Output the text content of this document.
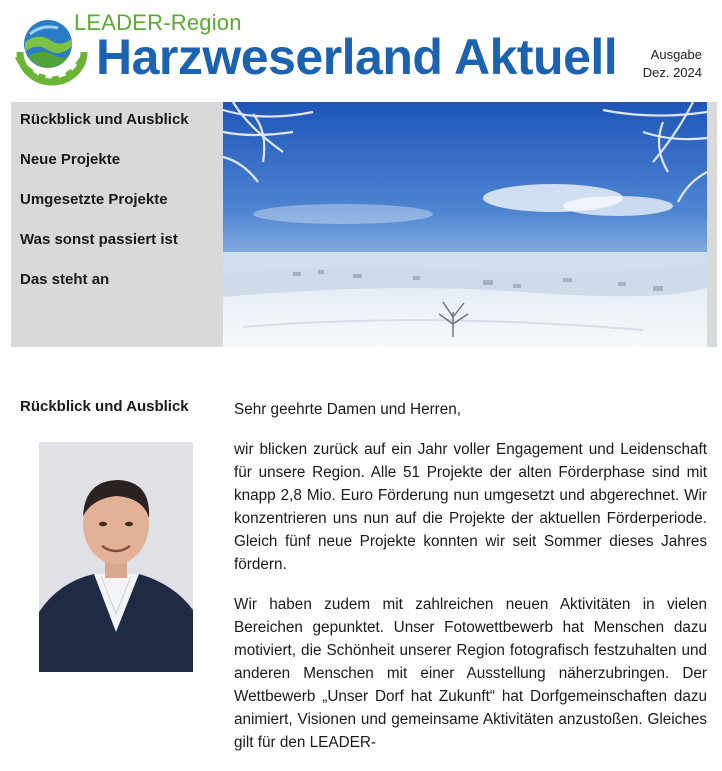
LEADER-Region
Harzweserland Aktuell	Ausgabe
Dez. 2024
Rückblick und Ausblick
Neue Projekte
Umgesetzte Projekte
Was sonst passiert ist
Das steht an
Rückblick und Ausblick	Sehr geehrte Damen und Herren,

wir blicken zurück auf ein Jahr voller Engagement und Leidenschaft für unsere Region. Alle 51 Projekte der alten Förderphase sind mit knapp 2,8 Mio. Euro Förderung nun umgesetzt und abgerechnet. Wir konzentrieren uns nun auf die Projekte der aktuellen Förderperiode. Gleich fünf neue Projekte konnten wir seit Sommer dieses Jahres fördern.

Wir haben zudem mit zahlreichen neuen Aktivitäten in vielen Bereichen gepunktet. Unser Fotowettbewerb hat Menschen dazu motiviert, die Schönheit unserer Region fotografisch festzuhalten und anderen Menschen mit einer Ausstellung näherzubringen. Der Wettbewerb „Unser Dorf hat Zukunft“ hat Dorfgemeinschaften dazu animiert, Visionen und gemeinsame Aktivitäten anzustoßen. Gleiches gilt für den LEADER-
